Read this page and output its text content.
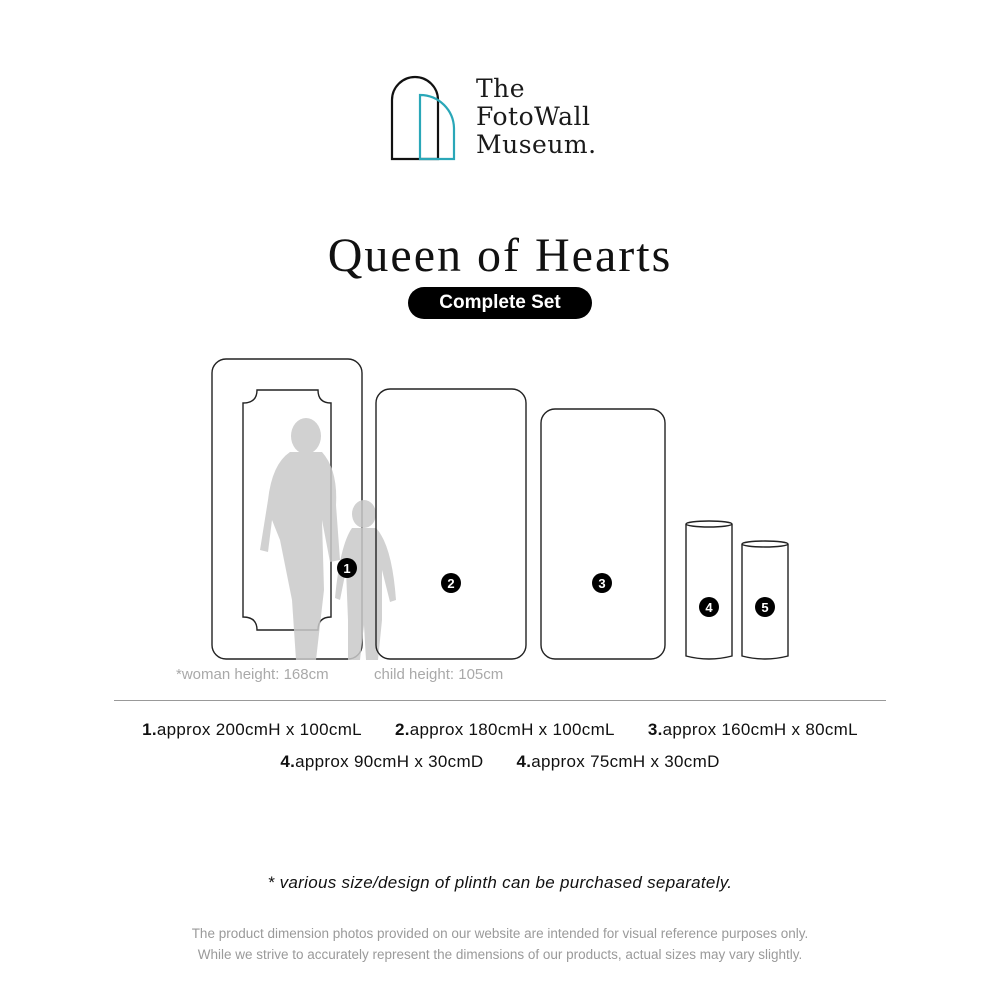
The
FotoWall
Museum.
Queen of Hearts
Complete Set
1
2	3
4	5
*woman height: 168cm	child height: 105cm
1.approx 200cmH x 100cmL 2.approx 180cmH x 100cmL 3.approx 160cmH x 80cmL
4.approx 90cmH x 30cmD 4.approx 75cmH x 30cmD
* various size/design of plinth can be purchased separately.
The product dimension photos provided on our website are intended for visual reference purposes only.
While we strive to accurately represent the dimensions of our products, actual sizes may vary slightly.
